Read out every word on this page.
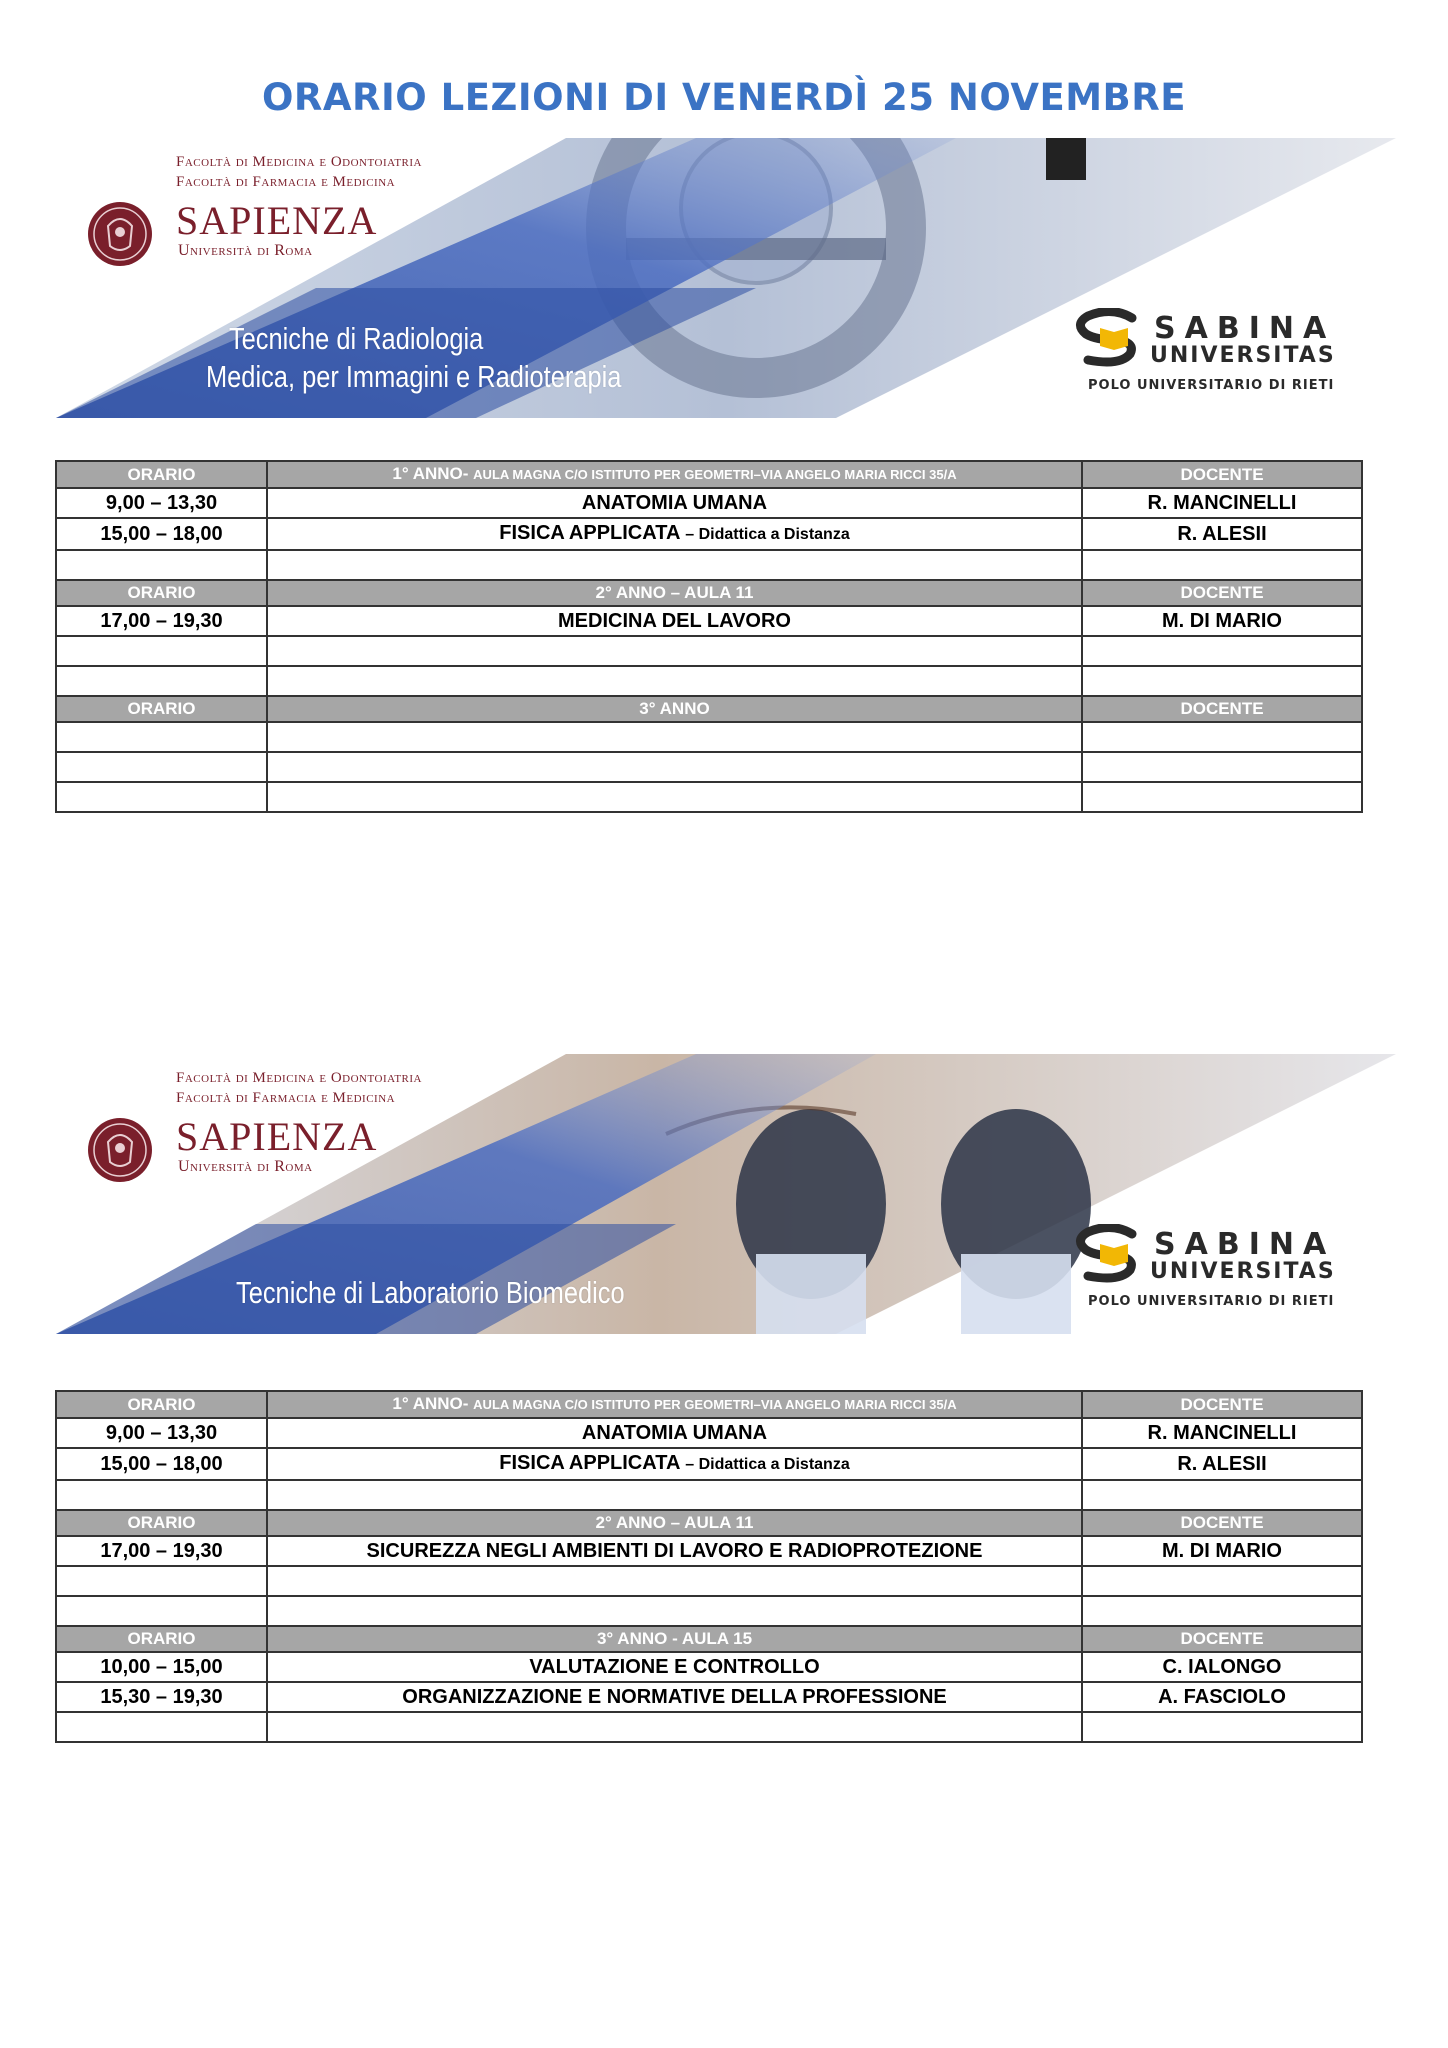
ORARIO LEZIONI DI VENERDÌ 25 NOVEMBRE
Facoltà di Medicina e Odontoiatria
Facoltà di Farmacia e Medicina
SAPIENZA
Università di Roma
Tecniche di Radiologia
Medica, per Immagini e Radioterapia
SABINA
UNIVERSITAS
POLO UNIVERSITARIO DI RIETI
ORARIO	1° ANNO- AULA MAGNA C/O ISTITUTO PER GEOMETRI–VIA ANGELO MARIA RICCI 35/A	DOCENTE
9,00 – 13,30	ANATOMIA UMANA	R. MANCINELLI
15,00 – 18,00	FISICA APPLICATA – Didattica a Distanza	R. ALESII

ORARIO	2° ANNO – AULA 11	DOCENTE
17,00 – 19,30	MEDICINA DEL LAVORO	M. DI MARIO

ORARIO	3° ANNO	DOCENTE

Facoltà di Medicina e Odontoiatria
Facoltà di Farmacia e Medicina
SAPIENZA
Università di Roma
Tecniche di Laboratorio Biomedico
SABINA
UNIVERSITAS
POLO UNIVERSITARIO DI RIETI
ORARIO	1° ANNO- AULA MAGNA C/O ISTITUTO PER GEOMETRI–VIA ANGELO MARIA RICCI 35/A	DOCENTE
9,00 – 13,30	ANATOMIA UMANA	R. MANCINELLI
15,00 – 18,00	FISICA APPLICATA – Didattica a Distanza	R. ALESII

ORARIO	2° ANNO – AULA 11	DOCENTE
17,00 – 19,30	SICUREZZA NEGLI AMBIENTI DI LAVORO E RADIOPROTEZIONE	M. DI MARIO

ORARIO	3° ANNO - AULA 15	DOCENTE
10,00 – 15,00	VALUTAZIONE E CONTROLLO	C. IALONGO
15,30 – 19,30	ORGANIZZAZIONE E NORMATIVE DELLA PROFESSIONE	A. FASCIOLO
